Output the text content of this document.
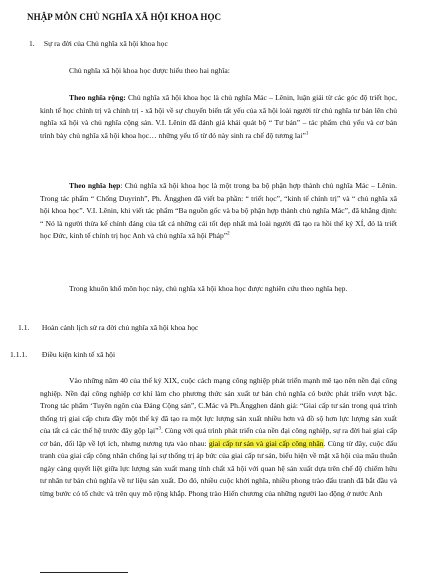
NHẬP MÔN CHỦ NGHĨA XÃ HỘI KHOA HỌC
1. Sự ra đời của Chủ nghĩa xã hội khoa học
Chủ nghĩa xã hội khoa học được hiểu theo hai nghĩa:
Theo nghĩa rộng: Chủ nghĩa xã hội khoa học là chủ nghĩa Mác – Lênin, luận giải từ các góc độ triết học, kinh tế học chính trị và chính trị - xã hội về sự chuyển biến tất yếu của xã hội loài người từ chủ nghĩa tư bản lên chủ nghĩa xã hội và chủ nghĩa cộng sản. V.I. Lênin đã đánh giá khái quát bộ “ Tư bản” – tác phẩm chủ yếu và cơ bản trình bày chủ nghĩa xã hội khoa học… những yếu tố từ đó này sinh ra chế độ tương lai”$^1$
Theo nghĩa hẹp: Chủ nghĩa xã hội khoa học là một trong ba bộ phận hợp thành chủ nghĩa Mác – Lênin. Trong tác phẩm “ Chống Duyrinh”, Ph. Ăngghen đã viết ba phần: “ triết học”, “kinh tế chính trị” và “ chủ nghĩa xã hội khoa học”. V.I. Lênin, khi viết tác phẩm “Ba nguồn gốc và ba bộ phận hợp thành chủ nghĩa Mác”, đã khẳng định: “ Nó là người thừa kế chính đáng của tất cả những cái tốt đẹp nhất mà loài người đã tạo ra hồi thế kỷ XÍ, đó là triết học Đức, kinh tế chính trị học Anh và chủ nghĩa xã hội Pháp”$^2$
Trong khuôn khổ môn học này, chủ nghĩa xã hội khoa học được nghiên cứu theo nghĩa hẹp.
1.1. Hoàn cảnh lịch sử ra đời chủ nghĩa xã hội khoa học
1.1.1. Điều kiện kinh tế xã hội
Vào những năm 40 của thế kỷ XIX, cuộc cách mạng công nghiệp phát triển mạnh mẽ tạo nên nền đại công nghiệp. Nền đại công nghiệp cơ khí làm cho phương thức sản xuất tư bản chủ nghĩa có bước phát triển vượt bậc. Trong tác phẩm ‘Tuyên ngôn của Đảng Cộng sản”, C.Mác và Ph.Ăngghen đánh giá: “Giai cấp tư sản trong quá trình thống trị giai cấp chưa đầy một thế kỷ đã tạo ra một lực lượng sản xuất nhiều hơn và đồ sộ hơn lực lượng sản xuất của tất cả các thế hệ trước đây gộp lại”$^3$. Cùng với quá trình phát triển của nền đại công nghiệp, sự ra đời hai giai cấp cơ bản, đối lập về lợi ích, nhưng nương tựa vào nhau: giai cấp tư sản và giai cấp công nhân. Cùng từ đây, cuộc đấu tranh của giai cấp công nhân chống lại sự thống trị áp bức của giai cấp tư sản, biểu hiện về mặt xã hội của mâu thuẫn ngày càng quyết liệt giữa lực lượng sản xuất mang tính chất xã hội với quan hệ sản xuất dựa trên chế độ chiếm hữu tư nhân tư bản chủ nghĩa về tư liệu sản xuất. Do đó, nhiều cuộc khởi nghĩa, nhiều phong trào đấu tranh đã bắt đầu và từng bước có tổ chức và trên quy mô rộng khắp. Phong trào Hiến chương của những người lao động ở nước Anh
